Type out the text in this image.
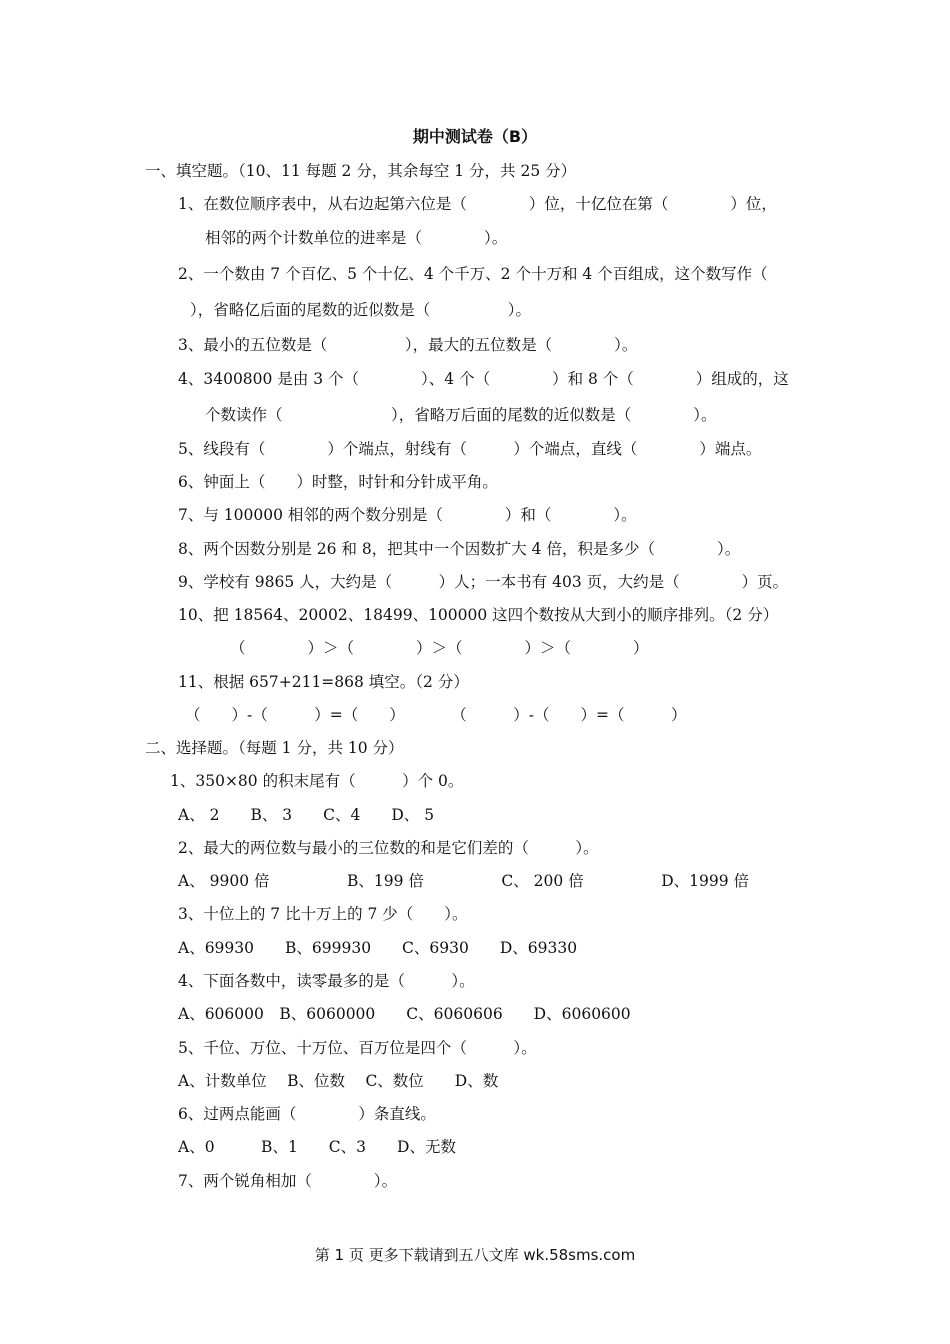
期中测试卷（B）
一、填空题。（10、11 每题 2 分，其余每空 1 分，共 25 分）
1、在数位顺序表中，从右边起第六位是（　　　　）位，十亿位在第（　　　　）位，
相邻的两个计数单位的进率是（　　　　）。
2、一个数由 7 个百亿、5 个十亿、4 个千万、2 个十万和 4 个百组成，这个数写作（
），省略亿后面的尾数的近似数是（　　　　　）。
3、最小的五位数是（　　　　　），最大的五位数是（　　　　）。
4、3400800 是由 3 个（　　　　）、4 个（　　　　）和 8 个（　　　　）组成的，这
个数读作（　　　　　　　），省略万后面的尾数的近似数是（　　　　）。
5、线段有（　　　　）个端点，射线有（　　　）个端点，直线（　　　　）端点。
6、钟面上（　　）时整，时针和分针成平角。
7、与 100000 相邻的两个数分别是（　　　　）和（　　　　）。
8、两个因数分别是 26 和 8，把其中一个因数扩大 4 倍，积是多少（　　　　）。
9、学校有 9865 人，大约是（　　　）人；一本书有 403 页，大约是（　　　　）页。
10、把 18564、20002、18499、100000 这四个数按从大到小的顺序排列。（2 分）
（　　　　）＞（　　　　）＞（　　　　）＞（　　　　）
11、根据 657+211=868 填空。（2 分）
（　　）-（　　　）=（　　）　　　　（　　　）-（　　）=（　　　）
二、选择题。（每题 1 分，共 10 分）
1、350×80 的积末尾有（　　　）个 0。
A、 2　　B、 3　　C、4　　D、 5
2、最大的两位数与最小的三位数的和是它们差的（　　　）。
A、 9900 倍　　　　　B、199 倍　　　　　C、 200 倍　　　　　D、1999 倍
3、十位上的 7 比十万上的 7 少（　　）。
A、69930　　B、699930　　C、6930　　D、69330
4、下面各数中，读零最多的是（　　　）。
A、606000　B、6060000　　C、6060606　　D、6060600
5、千位、万位、十万位、百万位是四个（　　　）。
A、计数单位　 B、位数　 C、数位　　D、数
6、过两点能画（　　　　）条直线。
A、0　　　B、1　　C、3　　D、无数
7、两个锐角相加（　　　　）。
第 1 页 更多下载请到五八文库 wk.58sms.com
